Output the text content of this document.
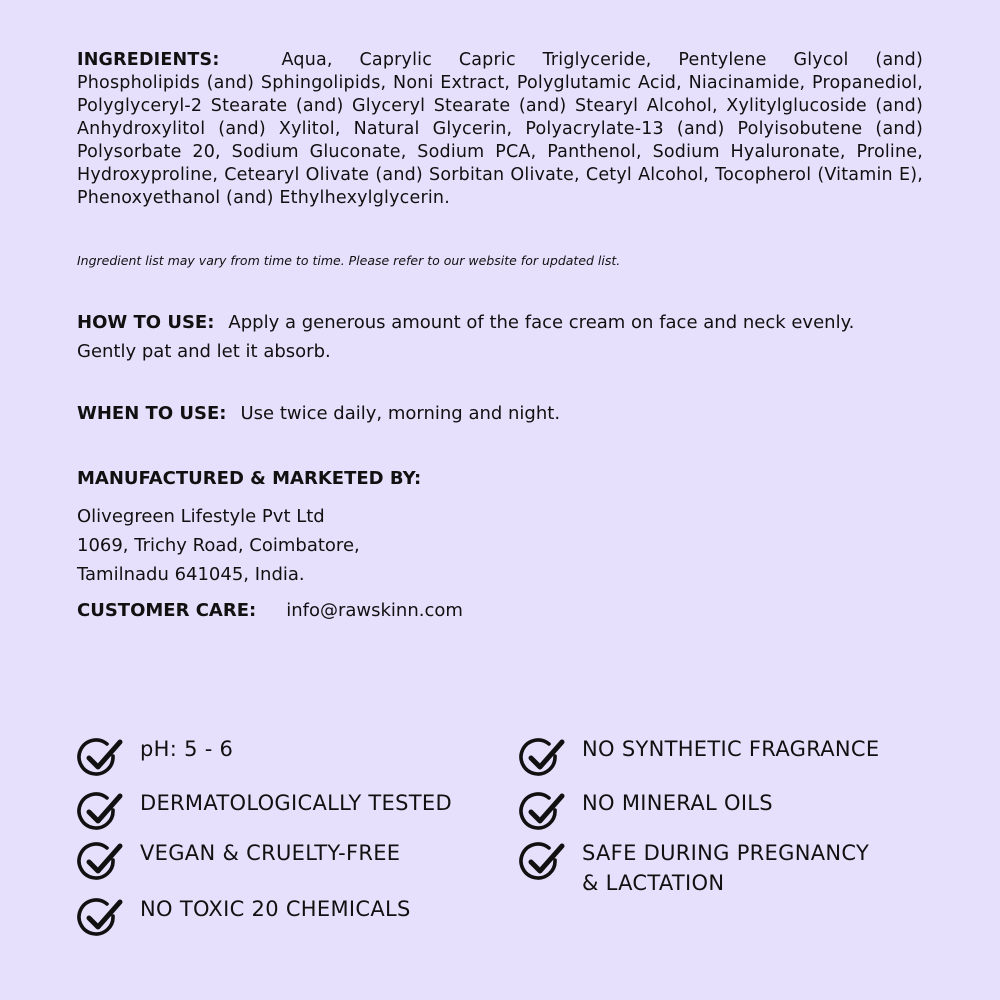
INGREDIENTS:	Aqua, Caprylic Capric Triglyceride, Pentylene Glycol (and) Phospholipids (and) Sphingolipids, Noni Extract, Polyglutamic Acid, Niacinamide, Propanediol, Polyglyceryl-2 Stearate (and) Glyceryl Stearate (and) Stearyl Alcohol, Xylitylglucoside (and) Anhydroxylitol (and) Xylitol, Natural Glycerin, Polyacrylate-13 (and) Polyisobutene (and) Polysorbate 20, Sodium Gluconate, Sodium PCA, Panthenol, Sodium Hyaluronate, Proline, Hydroxyproline, Cetearyl Olivate (and) Sorbitan Olivate, Cetyl Alcohol, Tocopherol (Vitamin E), Phenoxyethanol (and) Ethylhexylglycerin.
Ingredient list may vary from time to time. Please refer to our website for updated list.
HOW TO USE: Apply a generous amount of the face cream on face and neck evenly. Gently pat and let it absorb.
WHEN TO USE: Use twice daily, morning and night.
MANUFACTURED & MARKETED BY:
Olivegreen Lifestyle Pvt Ltd
1069, Trichy Road, Coimbatore,
Tamilnadu 641045, India.
CUSTOMER CARE: info@rawskinn.com
pH: 5 - 6
DERMATOLOGICALLY TESTED
VEGAN & CRUELTY-FREE
NO TOXIC 20 CHEMICALS
NO SYNTHETIC FRAGRANCE
NO MINERAL OILS
SAFE DURING PREGNANCY
& LACTATION
